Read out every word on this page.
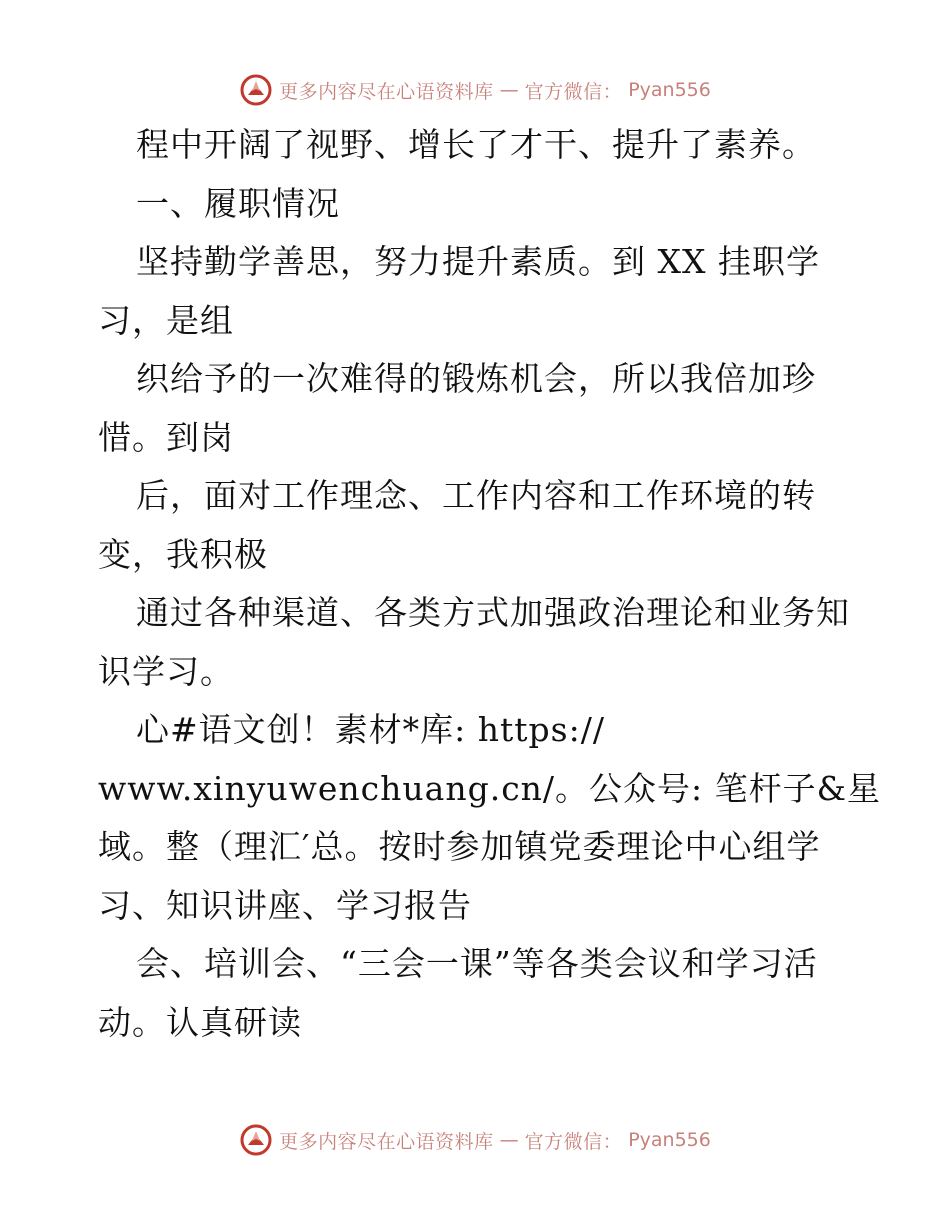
更多内容尽在心语资料库 — 官方微信： Pyan556
程中开阔了视野、增长了才干、提升了素养。
一、履职情况
坚持勤学善思，努力提升素质。到 XX 挂职学
习，是组
织给予的一次难得的锻炼机会，所以我倍加珍
惜。到岗
后，面对工作理念、工作内容和工作环境的转
变，我积极
通过各种渠道、各类方式加强政治理论和业务知
识学习。
心#语文创！素材*库: https://
www.xinyuwenchuang.cn/。公众号: 笔杆子&星
域。整（理汇′总。按时参加镇党委理论中心组学
习、知识讲座、学习报告
会、培训会、“三会一课”等各类会议和学习活
动。认真研读
更多内容尽在心语资料库 — 官方微信： Pyan556
